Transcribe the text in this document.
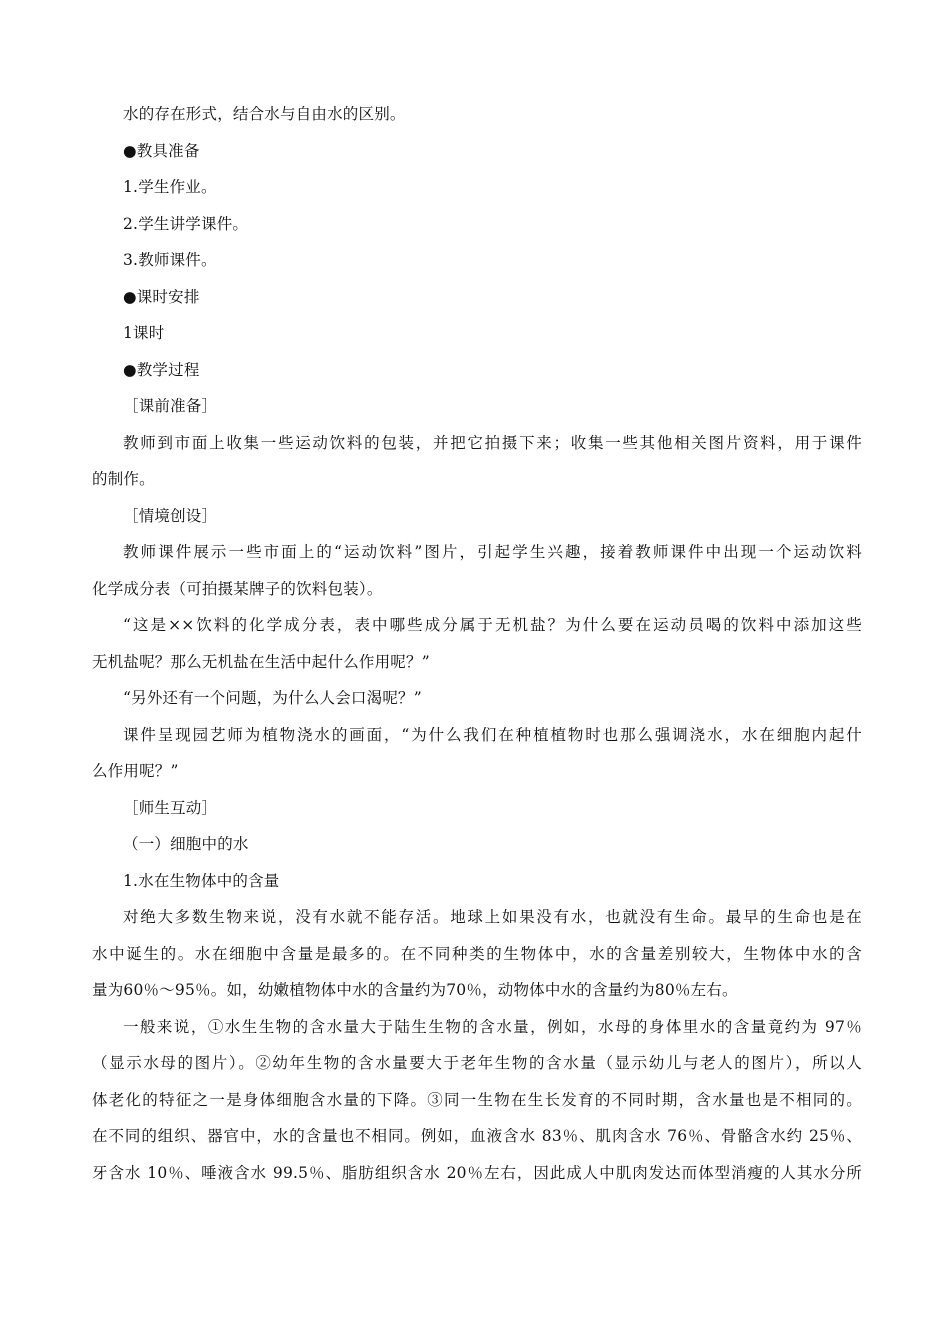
水的存在形式，结合水与自由水的区别。
●教具准备
1.学生作业。
2.学生讲学课件。
3.教师课件。
●课时安排
1课时
●教学过程
［课前准备］
教师到市面上收集一些运动饮料的包装，并把它拍摄下来；收集一些其他相关图片资料，用于课件
的制作。
［情境创设］
教师课件展示一些市面上的“运动饮料”图片，引起学生兴趣，接着教师课件中出现一个运动饮料
化学成分表（可拍摄某牌子的饮料包装）。
“这是××饮料的化学成分表，表中哪些成分属于无机盐？为什么要在运动员喝的饮料中添加这些
无机盐呢？那么无机盐在生活中起什么作用呢？”
“另外还有一个问题，为什么人会口渴呢？”
课件呈现园艺师为植物浇水的画面，“为什么我们在种植植物时也那么强调浇水，水在细胞内起什
么作用呢？”
［师生互动］
（一）细胞中的水
1.水在生物体中的含量
对绝大多数生物来说，没有水就不能存活。地球上如果没有水，也就没有生命。最早的生命也是在
水中诞生的。水在细胞中含量是最多的。在不同种类的生物体中，水的含量差别较大，生物体中水的含
量为60％～95％。如，幼嫩植物体中水的含量约为70％，动物体中水的含量约为80％左右。
一般来说，①水生生物的含水量大于陆生生物的含水量，例如，水母的身体里水的含量竟约为 97％
（显示水母的图片）。②幼年生物的含水量要大于老年生物的含水量（显示幼儿与老人的图片），所以人
体老化的特征之一是身体细胞含水量的下降。③同一生物在生长发育的不同时期，含水量也是不相同的。
在不同的组织、器官中，水的含量也不相同。例如，血液含水 83％、肌肉含水 76％、骨骼含水约 25％、
牙含水 10％、唾液含水 99.5％、脂肪组织含水 20％左右，因此成人中肌肉发达而体型消瘦的人其水分所
